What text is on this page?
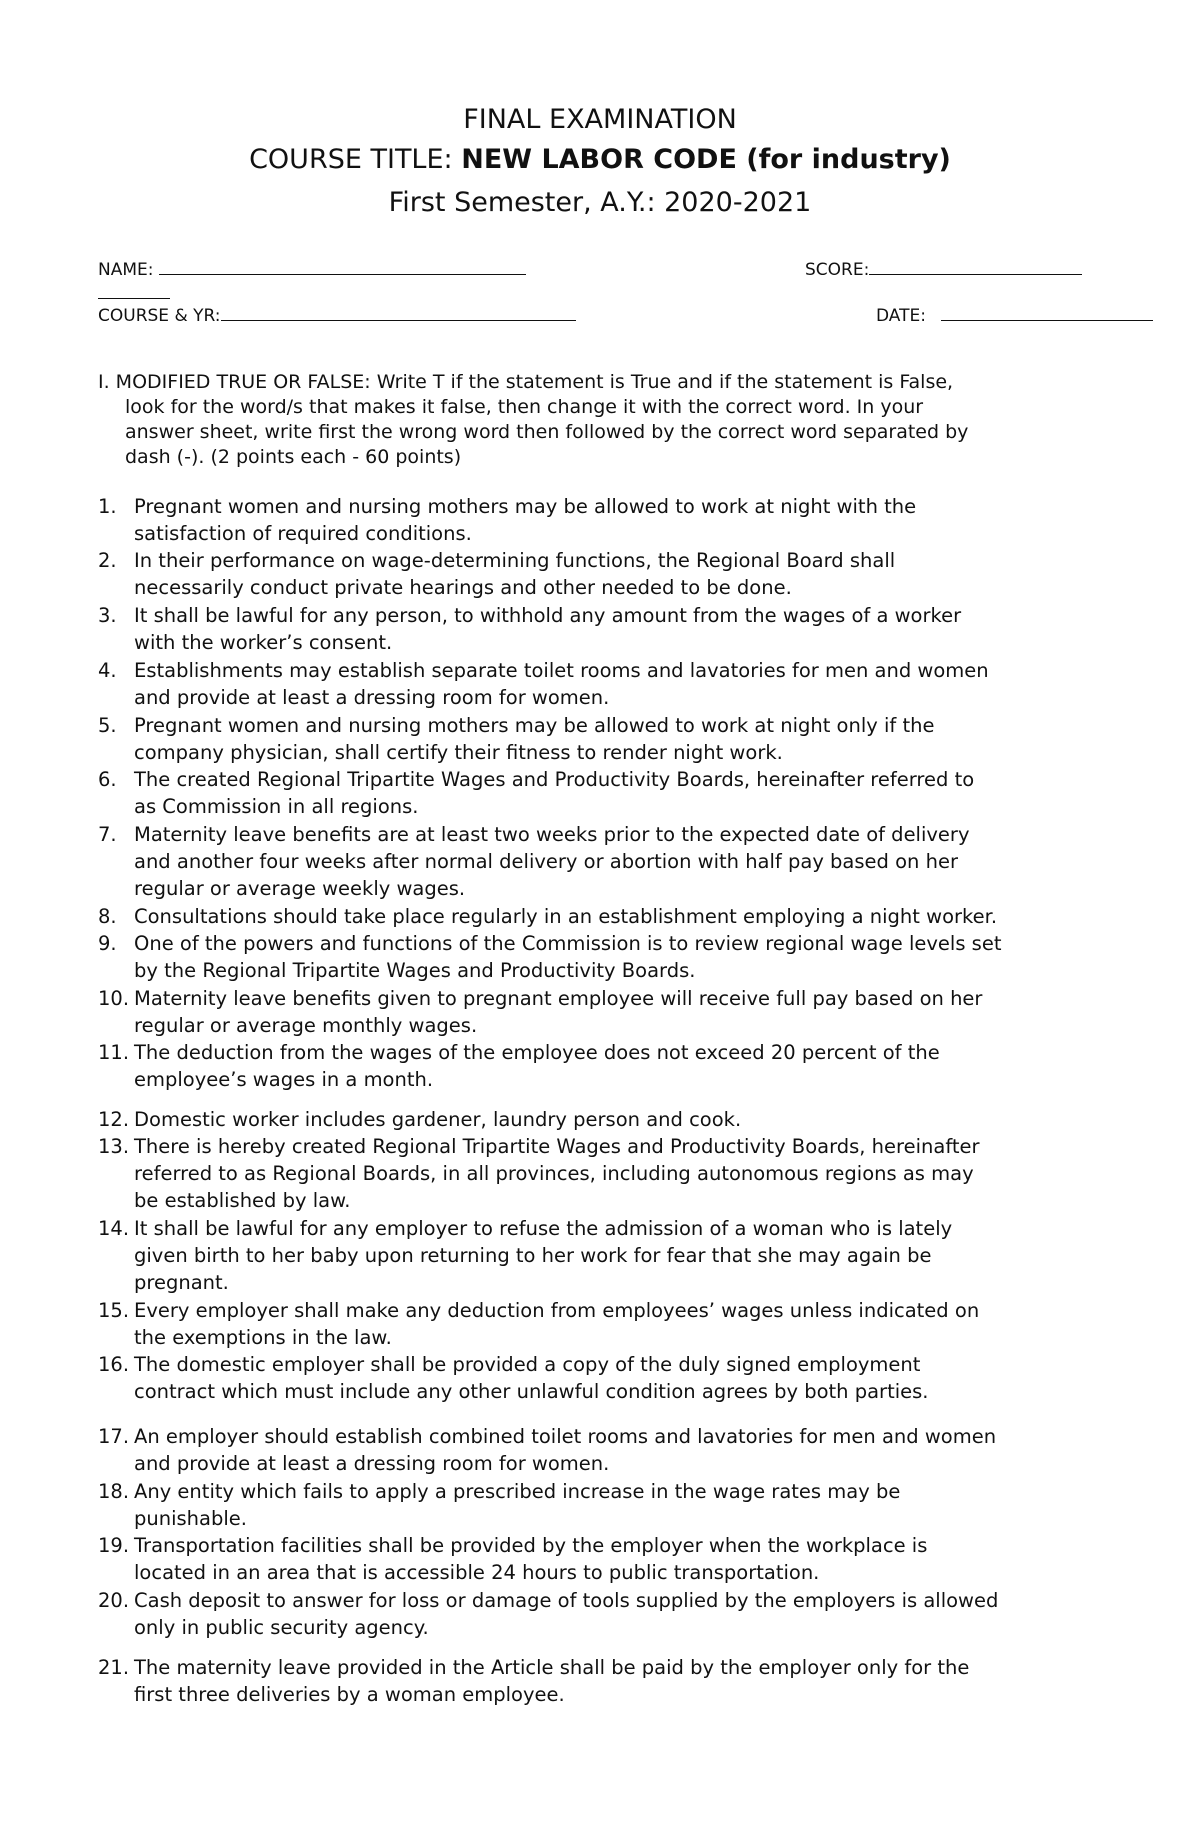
FINAL EXAMINATION
COURSE TITLE: NEW LABOR CODE (for industry)
First Semester, A.Y.: 2020-2021
NAME:	SCORE:
COURSE & YR:	DATE:
I. MODIFIED TRUE OR FALSE: Write T if the statement is True and if the statement is False,
look for the word/s that makes it false, then change it with the correct word. In your
answer sheet, write first the wrong word then followed by the correct word separated by
dash (-). (2 points each - 60 points)
1. Pregnant women and nursing mothers may be allowed to work at night with the
satisfaction of required conditions.
2. In their performance on wage-determining functions, the Regional Board shall
necessarily conduct private hearings and other needed to be done.
3. It shall be lawful for any person, to withhold any amount from the wages of a worker
with the worker’s consent.
4. Establishments may establish separate toilet rooms and lavatories for men and women
and provide at least a dressing room for women.
5. Pregnant women and nursing mothers may be allowed to work at night only if the
company physician, shall certify their fitness to render night work.
6. The created Regional Tripartite Wages and Productivity Boards, hereinafter referred to
as Commission in all regions.
7. Maternity leave benefits are at least two weeks prior to the expected date of delivery
and another four weeks after normal delivery or abortion with half pay based on her
regular or average weekly wages.
8. Consultations should take place regularly in an establishment employing a night worker.
9. One of the powers and functions of the Commission is to review regional wage levels set
by the Regional Tripartite Wages and Productivity Boards.
10. Maternity leave benefits given to pregnant employee will receive full pay based on her
regular or average monthly wages.
11. The deduction from the wages of the employee does not exceed 20 percent of the
employee’s wages in a month.
12. Domestic worker includes gardener, laundry person and cook.
13. There is hereby created Regional Tripartite Wages and Productivity Boards, hereinafter
referred to as Regional Boards, in all provinces, including autonomous regions as may
be established by law.
14. It shall be lawful for any employer to refuse the admission of a woman who is lately
given birth to her baby upon returning to her work for fear that she may again be
pregnant.
15. Every employer shall make any deduction from employees’ wages unless indicated on
the exemptions in the law.
16. The domestic employer shall be provided a copy of the duly signed employment
contract which must include any other unlawful condition agrees by both parties.
17. An employer should establish combined toilet rooms and lavatories for men and women
and provide at least a dressing room for women.
18. Any entity which fails to apply a prescribed increase in the wage rates may be
punishable.
19. Transportation facilities shall be provided by the employer when the workplace is
located in an area that is accessible 24 hours to public transportation.
20. Cash deposit to answer for loss or damage of tools supplied by the employers is allowed
only in public security agency.
21. The maternity leave provided in the Article shall be paid by the employer only for the
first three deliveries by a woman employee.
